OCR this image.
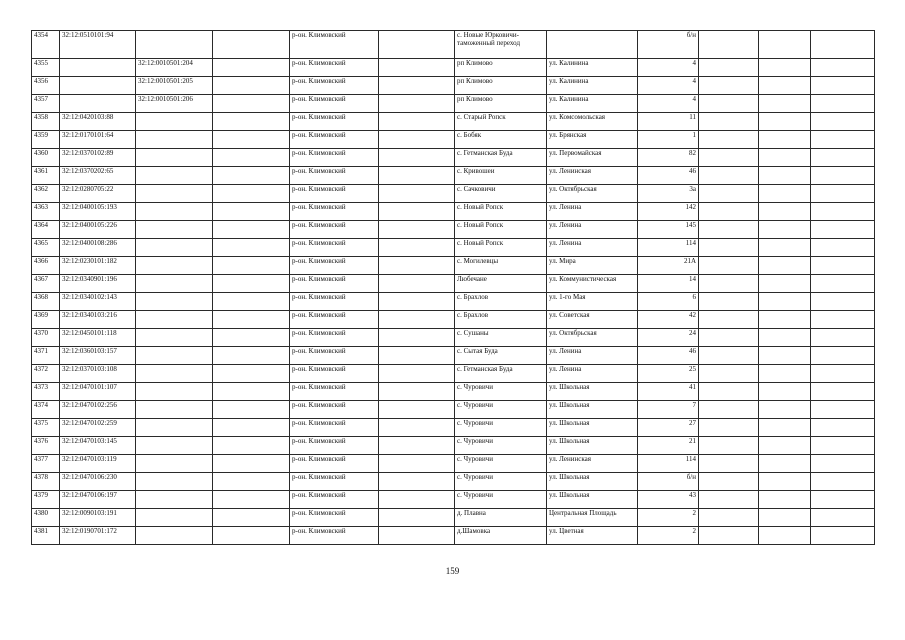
4354	32:12:0510101:94			р-он. Климовский		с. Новые Юрковичи-таможенный переход		б/н			
4355		32:12:0010501:204		р-он. Климовский		рп Климово	ул. Калинина	4			
4356		32:12:0010501:205		р-он. Климовский		рп Климово	ул. Калинина	4			
4357		32:12:0010501:206		р-он. Климовский		рп Климово	ул. Калинина	4			
4358	32:12:0420103:88			р-он. Климовский		с. Старый Ропск	ул. Комсомольская	11			
4359	32:12:0170101:64			р-он. Климовский		с. Бобяк	ул. Брянская	1			
4360	32:12:0370102:89			р-он. Климовский		с. Гетманская Буда	ул. Первомайская	82			
4361	32:12:0370202:65			р-он. Климовский		с. Кривошеи	ул. Ленинская	46			
4362	32:12:0280705:22			р-он. Климовский		с. Сачковичи	ул. Октябрьская	3а			
4363	32:12:0400105:193			р-он. Климовский		с. Новый Ропск	ул. Ленина	142			
4364	32:12:0400105:226			р-он. Климовский		с. Новый Ропск	ул. Ленина	145			
4365	32:12:0400108:286			р-он. Климовский		с. Новый Ропск	ул. Ленина	114			
4366	32:12:0230101:182			р-он. Климовский		с. Могилевцы	ул. Мира	21А			
4367	32:12:0340901:196			р-он. Климовский		Любечане	ул. Коммунистическая	14			
4368	32:12:0340102:143			р-он. Климовский		с. Брахлов	ул. 1-го Мая	6			
4369	32:12:0340103:216			р-он. Климовский		с. Брахлов	ул. Советская	42			
4370	32:12:0450101:118			р-он. Климовский		с. Сушаны	ул. Октябрьская	24			
4371	32:12:0360103:157			р-он. Климовский		с. Сытая Буда	ул. Ленина	46			
4372	32:12:0370103:108			р-он. Климовский		с. Гетманская Буда	ул. Ленина	25			
4373	32:12:0470101:107			р-он. Климовский		с. Чуровичи	ул. Школьная	41			
4374	32:12:0470102:256			р-он. Климовский		с. Чуровичи	ул. Школьная	7			
4375	32:12:0470102:259			р-он. Климовский		с. Чуровичи	ул. Школьная	27			
4376	32:12:0470103:145			р-он. Климовский		с. Чуровичи	ул. Школьная	21			
4377	32:12:0470103:119			р-он. Климовский		с. Чуровичи	ул. Ленинская	114			
4378	32:12:0470106:230			р-он. Климовский		с. Чуровичи	ул. Школьная	б/н			
4379	32:12:0470106:197			р-он. Климовский		с. Чуровичи	ул. Школьная	43			
4380	32:12:0090103:191			р-он. Климовский		д. Плавна	Центральная Площадь	2			
4381	32:12:0190701:172			р-он. Климовский		д.Шамовка	ул. Цветная	2			
159
